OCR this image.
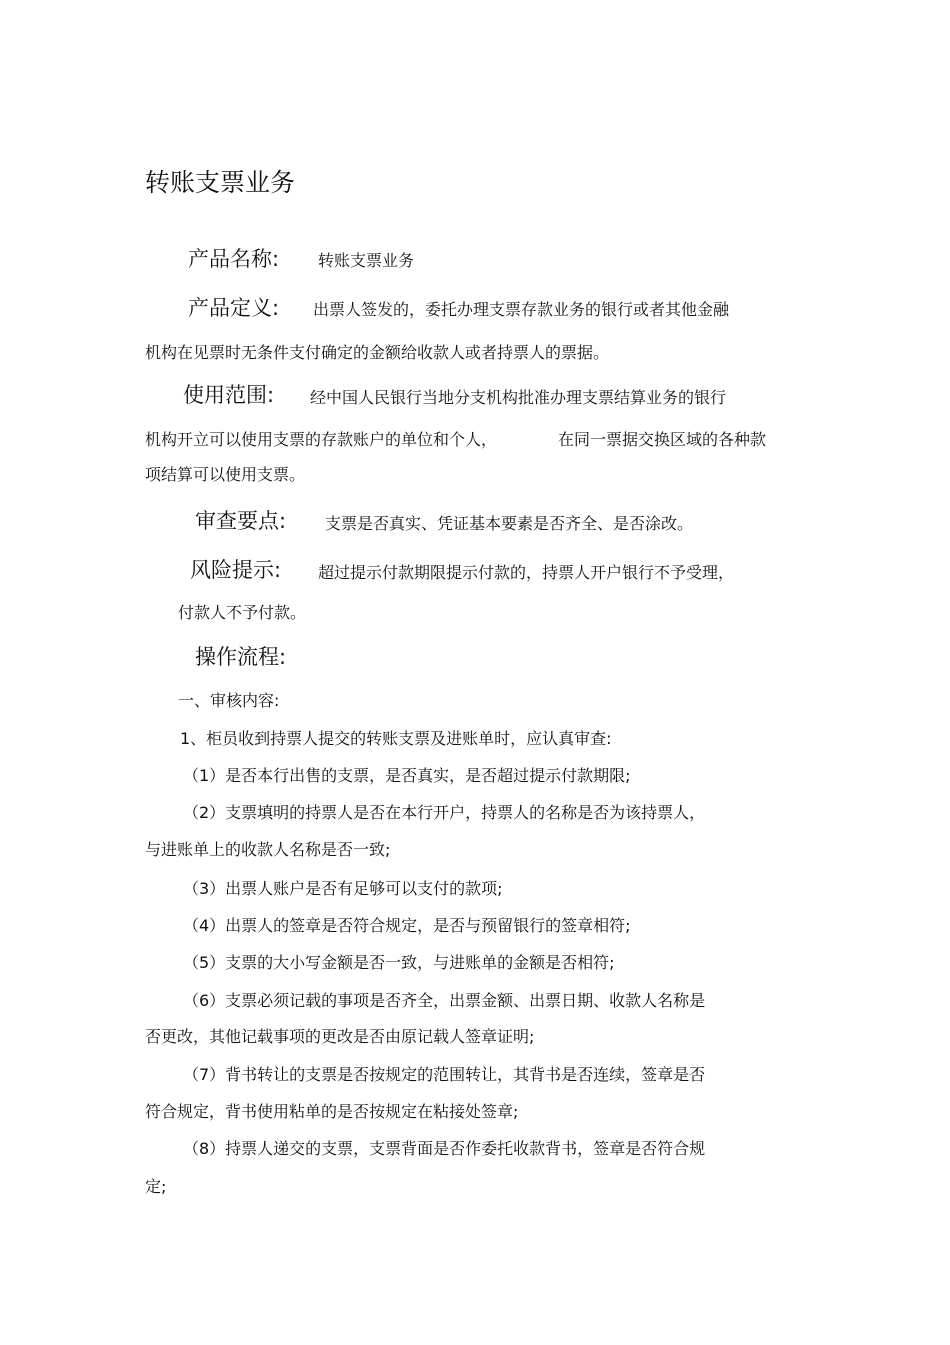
转账支票业务
产品名称: 转账支票业务
产品定义: 出票人签发的，委托办理支票存款业务的银行或者其他金融
机构在见票时无条件支付确定的金额给收款人或者持票人的票据。
使用范围: 经中国人民银行当地分支机构批准办理支票结算业务的银行
机构开立可以使用支票的存款账户的单位和个人，	在同一票据交换区域的各种款
项结算可以使用支票。
审查要点: 支票是否真实、凭证基本要素是否齐全、是否涂改。
风险提示: 超过提示付款期限提示付款的，持票人开户银行不予受理，
付款人不予付款。
操作流程:
一、审核内容:
1、柜员收到持票人提交的转账支票及进账单时，应认真审查:
（1）是否本行出售的支票，是否真实，是否超过提示付款期限;
（2）支票填明的持票人是否在本行开户，持票人的名称是否为该持票人，
与进账单上的收款人名称是否一致;
（3）出票人账户是否有足够可以支付的款项;
（4）出票人的签章是否符合规定，是否与预留银行的签章相符;
（5）支票的大小写金额是否一致，与进账单的金额是否相符;
（6）支票必须记载的事项是否齐全，出票金额、出票日期、收款人名称是
否更改，其他记载事项的更改是否由原记载人签章证明;
（7）背书转让的支票是否按规定的范围转让，其背书是否连续，签章是否
符合规定，背书使用粘单的是否按规定在粘接处签章;
（8）持票人递交的支票，支票背面是否作委托收款背书，签章是否符合规
定;
